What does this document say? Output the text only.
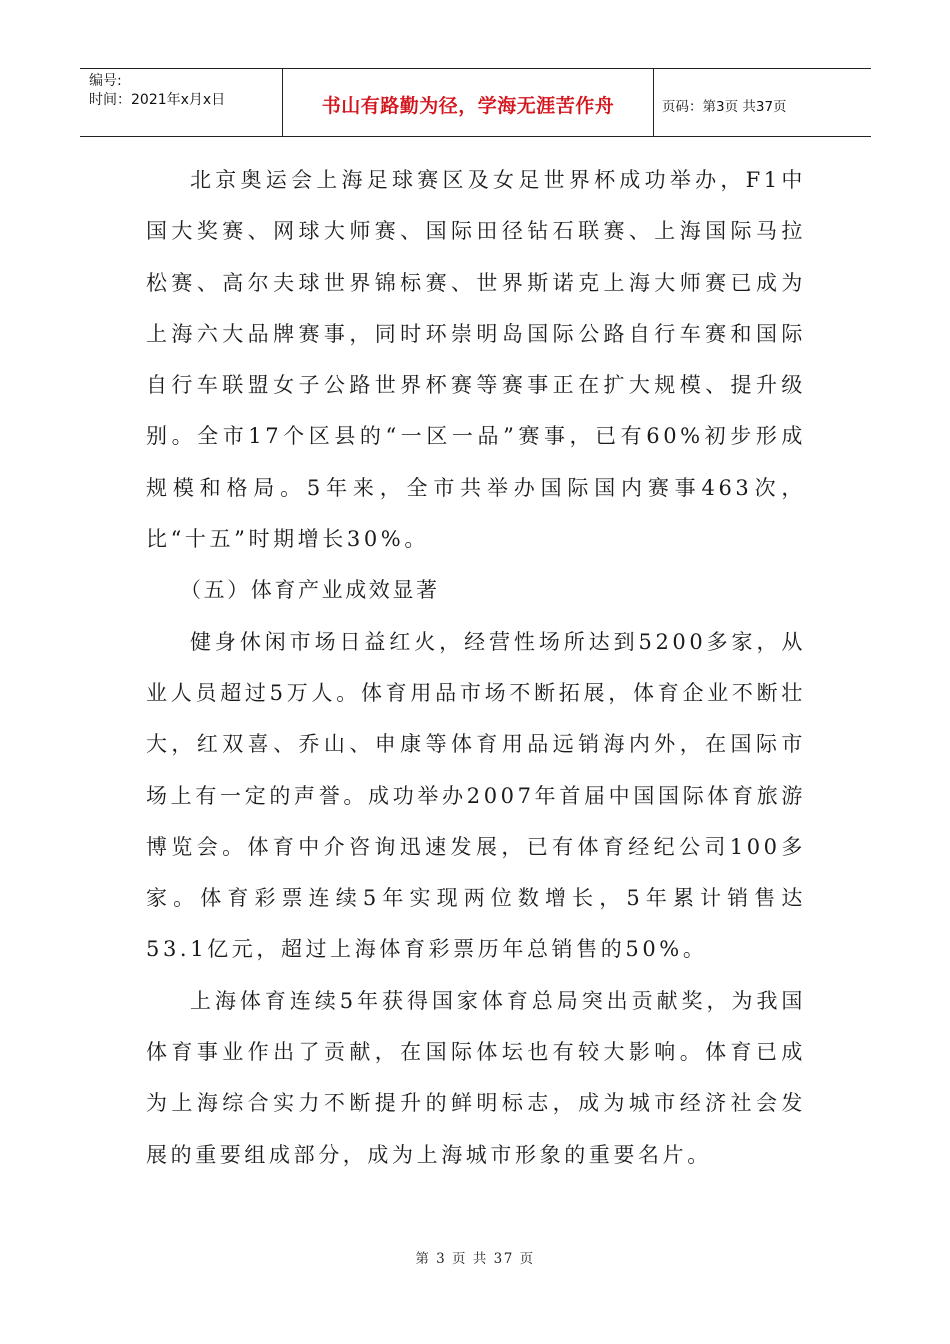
编号:
时间：2021年x月x日	书山有路勤为径，学海无涯苦作舟	页码：第3页 共37页

北京奥运会上海足球赛区及女足世界杯成功举办，F1中国大奖赛、网球大师赛、国际田径钻石联赛、上海国际马拉松赛、高尔夫球世界锦标赛、世界斯诺克上海大师赛已成为上海六大品牌赛事，同时环崇明岛国际公路自行车赛和国际自行车联盟女子公路世界杯赛等赛事正在扩大规模、提升级别。全市17个区县的“一区一品”赛事，已有60%初步形成规模和格局。5年来，全市共举办国际国内赛事463次，比“十五”时期增长30%。

（五）体育产业成效显著

健身休闲市场日益红火，经营性场所达到5200多家，从业人员超过5万人。体育用品市场不断拓展，体育企业不断壮大，红双喜、乔山、申康等体育用品远销海内外，在国际市场上有一定的声誉。成功举办2007年首届中国国际体育旅游博览会。体育中介咨询迅速发展，已有体育经纪公司100多家。体育彩票连续5年实现两位数增长，5年累计销售达53.1亿元，超过上海体育彩票历年总销售的50%。

上海体育连续5年获得国家体育总局突出贡献奖，为我国体育事业作出了贡献，在国际体坛也有较大影响。体育已成为上海综合实力不断提升的鲜明标志，成为城市经济社会发展的重要组成部分，成为上海城市形象的重要名片。

第 3 页 共 37 页
